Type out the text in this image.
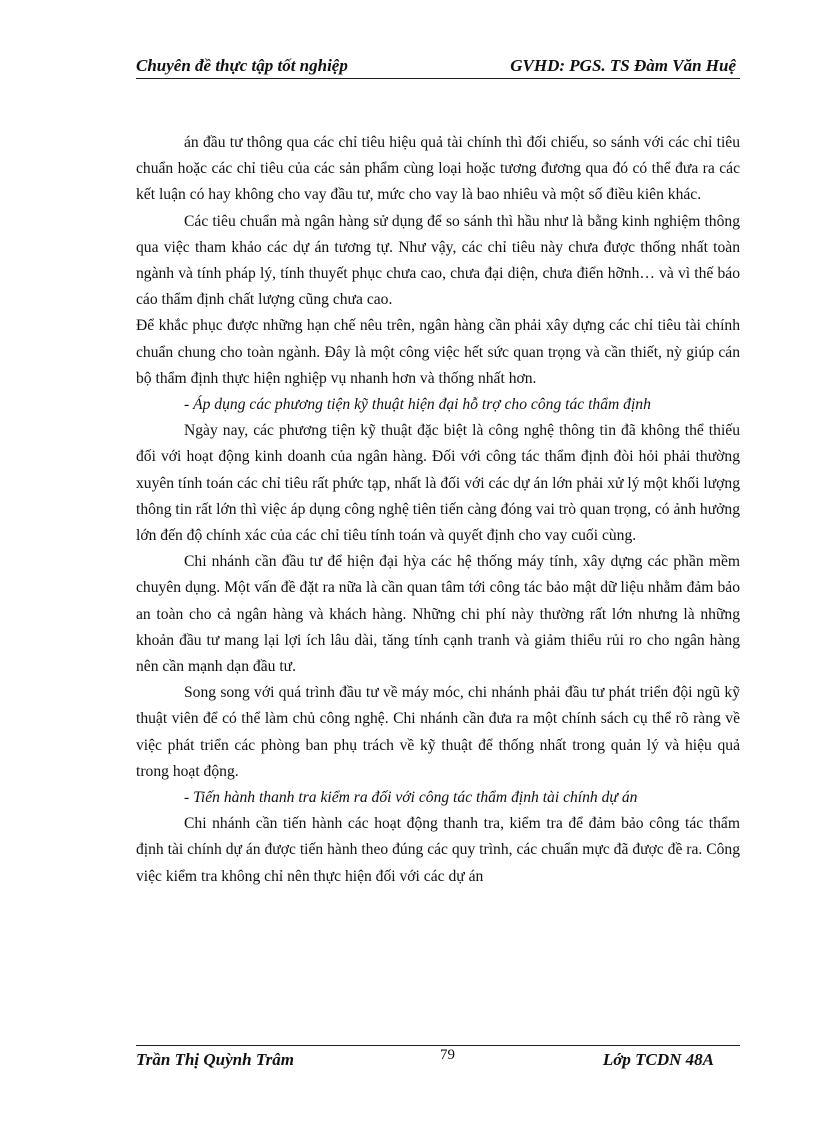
Chuyên đề thực tập tốt nghiệp	GVHD: PGS. TS Đàm Văn Huệ

án đầu tư thông qua các chỉ tiêu hiệu quả tài chính thì đối chiếu, so sánh với các chỉ tiêu chuẩn hoặc các chỉ tiêu của các sản phẩm cùng loại hoặc tương đương qua đó có thể đưa ra các kết luận có hay không cho vay đầu tư, mức cho vay là bao nhiêu và một số điều kiên khác.

Các tiêu chuẩn mà ngân hàng sử dụng để so sánh thì hầu như là bằng kinh nghiệm thông qua việc tham khảo các dự án tương tự. Như vậy, các chỉ tiêu này chưa được thống nhất toàn ngành và tính pháp lý, tính thuyết phục chưa cao, chưa đại diện, chưa điển hỡnh… và vì thế báo cáo thẩm định chất lượng cũng chưa cao.

Để khắc phục được những hạn chế nêu trên, ngân hàng cần phải xây dựng các chỉ tiêu tài chính chuẩn chung cho toàn ngành. Đây là một công việc hết sức quan trọng và cần thiết, nỳ giúp cán bộ thẩm định thực hiện nghiệp vụ nhanh hơn và thống nhất hơn.

- Áp dụng các phương tiện kỹ thuật hiện đại hỗ trợ cho công tác thẩm định

Ngày nay, các phương tiện kỹ thuật đặc biệt là công nghệ thông tin đã không thể thiếu đối với hoạt động kinh doanh của ngân hàng. Đối với công tác thẩm định đòi hỏi phải thường xuyên tính toán các chỉ tiêu rất phức tạp, nhất là đối với các dự án lớn phải xử lý một khối lượng thông tin rất lớn thì việc áp dụng công nghệ tiên tiến càng đóng vai trò quan trọng, có ảnh hưởng lớn đến độ chính xác của các chỉ tiêu tính toán và quyết định cho vay cuối cùng.

Chi nhánh cần đầu tư để hiện đại hỳa các hệ thống máy tính, xây dựng các phần mềm chuyên dụng. Một vấn đề đặt ra nữa là cần quan tâm tới công tác bảo mật dữ liệu nhằm đảm bảo an toàn cho cả ngân hàng và khách hàng. Những chi phí này thường rất lớn nhưng là những khoản đầu tư mang lại lợi ích lâu dài, tăng tính cạnh tranh và giảm thiểu rủi ro cho ngân hàng nên cần mạnh dạn đầu tư.

Song song với quá trình đầu tư về máy móc, chi nhánh phải đầu tư phát triển đội ngũ kỹ thuật viên để có thể làm chủ công nghệ. Chi nhánh cần đưa ra một chính sách cụ thể rõ ràng về việc phát triển các phòng ban phụ trách về kỹ thuật để thống nhất trong quản lý và hiệu quả trong hoạt động.

- Tiến hành thanh tra kiểm ra đối với công tác thẩm định tài chính dự án

Chi nhánh cần tiến hành các hoạt động thanh tra, kiểm tra để đảm bảo công tác thẩm định tài chính dự án được tiến hành theo đúng các quy trình, các chuẩn mực đã được đề ra. Công việc kiểm tra không chỉ nên thực hiện đối với các dự án

Trần Thị Quỳnh Trâm	79	Lớp TCDN 48A
